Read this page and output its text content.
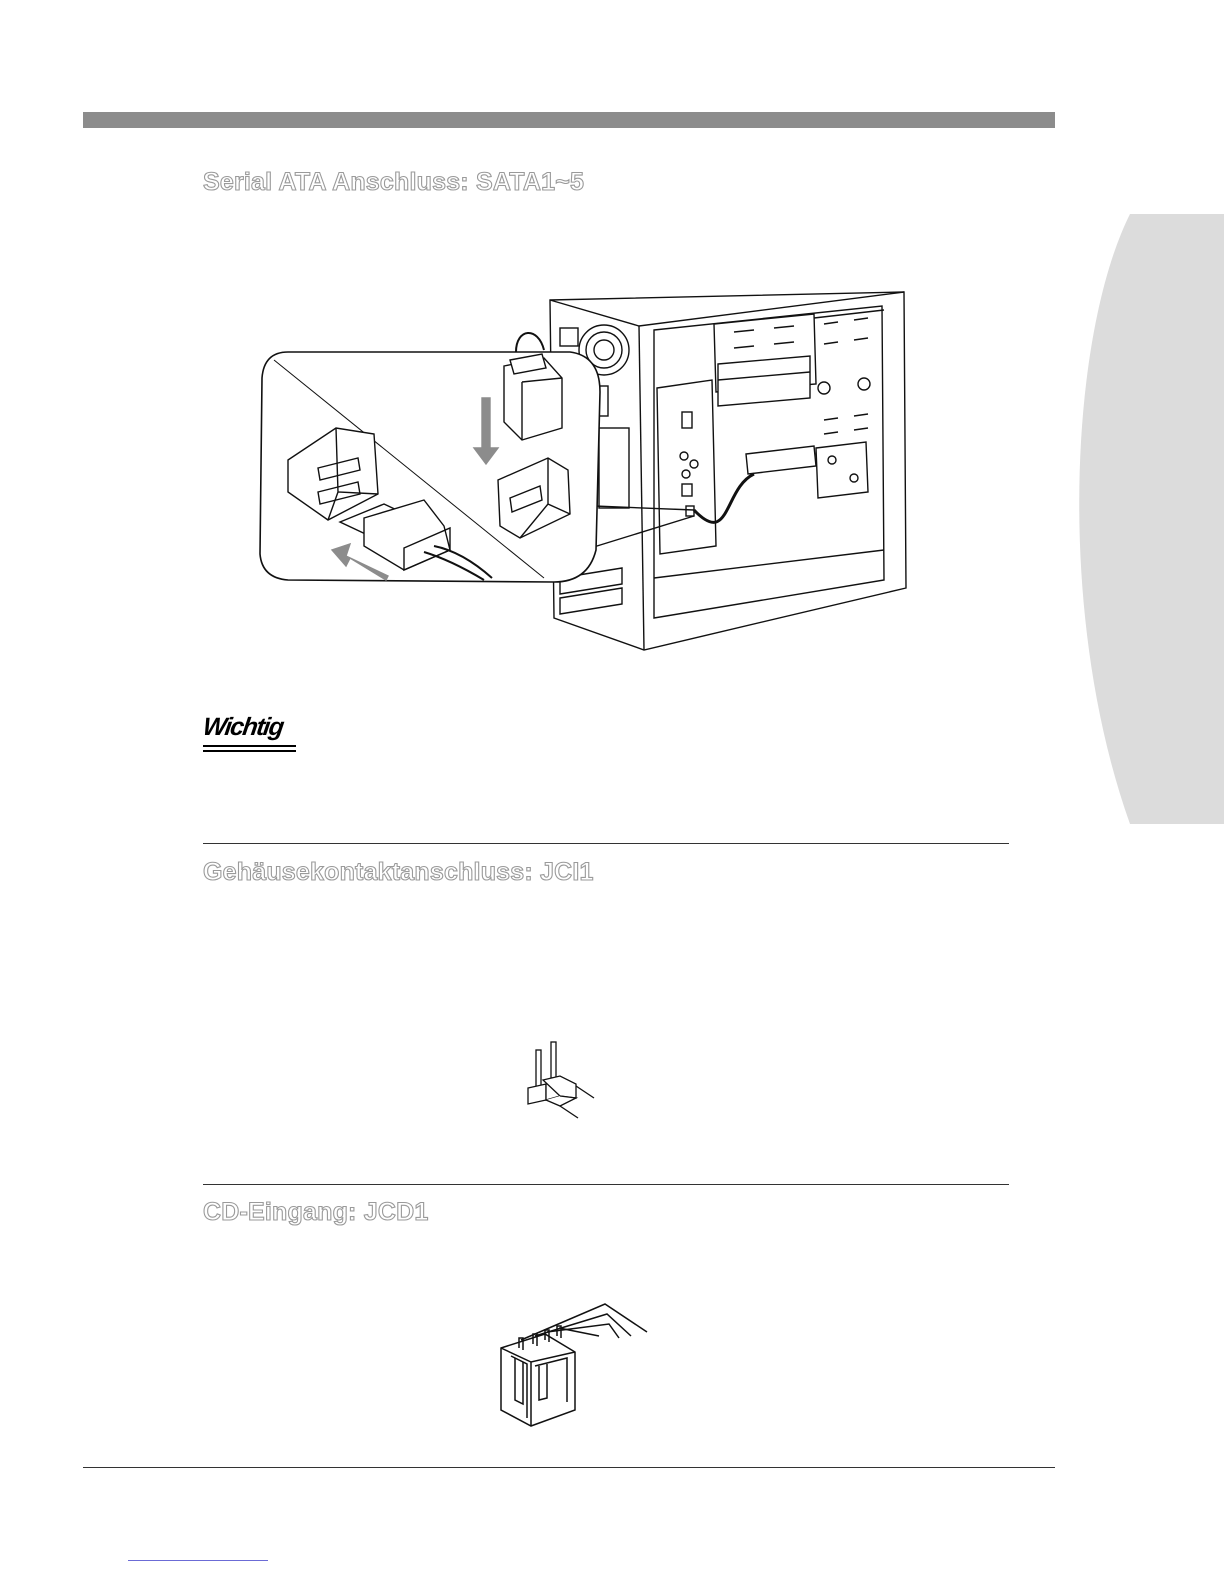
Serial ATA Anschluss: SATA1~5
Wichtig
Gehäusekontaktanschluss: JCI1
CD-Eingang: JCD1
